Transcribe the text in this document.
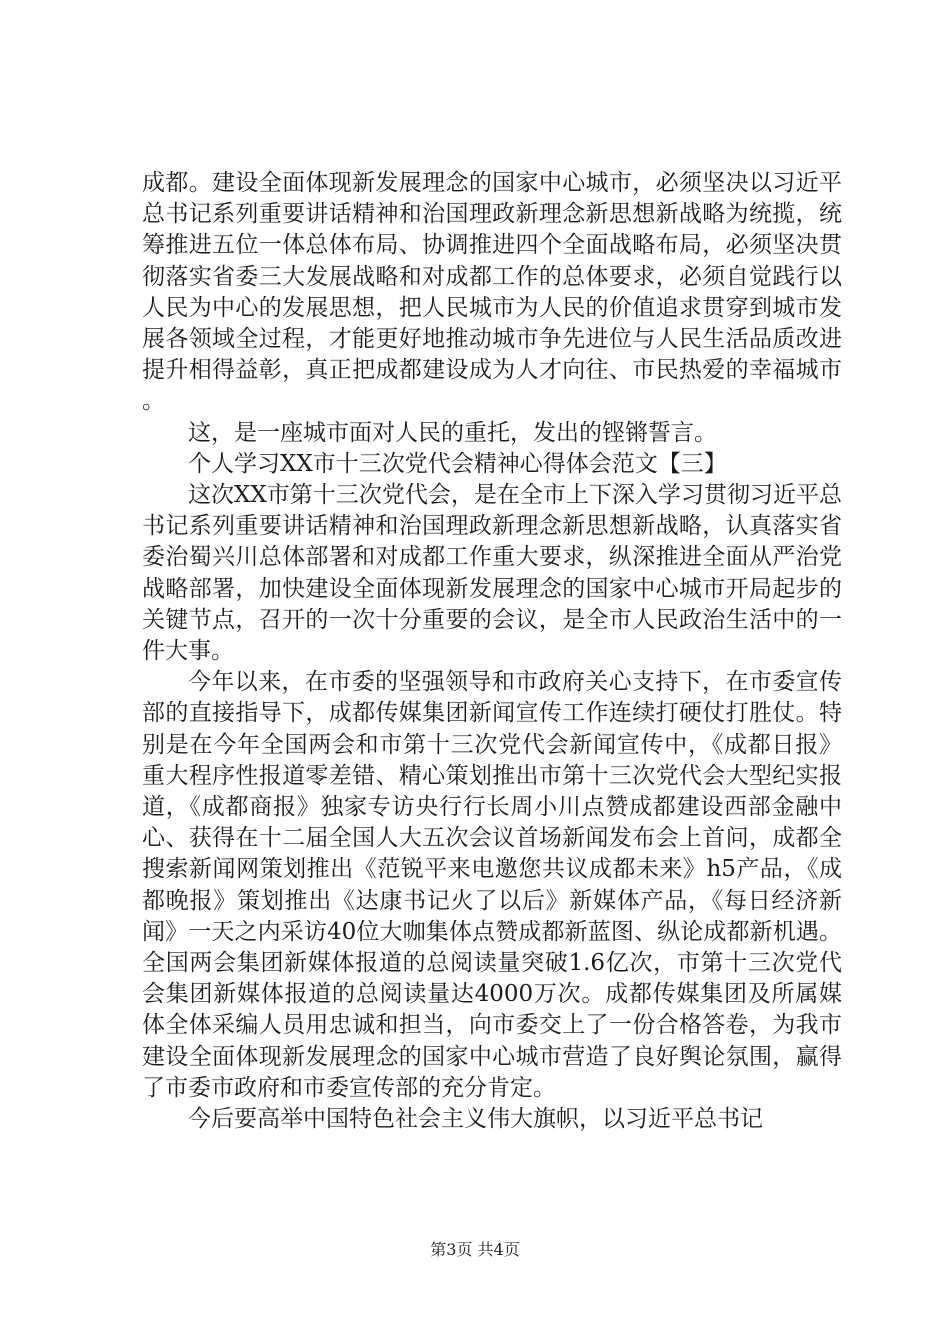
成都。建设全面体现新发展理念的国家中心城市，必须坚决以习近平总书记系列重要讲话精神和治国理政新理念新思想新战略为统揽，统筹推进五位一体总体布局、协调推进四个全面战略布局，必须坚决贯彻落实省委三大发展战略和对成都工作的总体要求，必须自觉践行以人民为中心的发展思想，把人民城市为人民的价值追求贯穿到城市发展各领域全过程，才能更好地推动城市争先进位与人民生活品质改进提升相得益彰，真正把成都建设成为人才向往、市民热爱的幸福城市。

这，是一座城市面对人民的重托，发出的铿锵誓言。

个人学习XX市十三次党代会精神心得体会范文【三】

这次XX市第十三次党代会，是在全市上下深入学习贯彻习近平总书记系列重要讲话精神和治国理政新理念新思想新战略，认真落实省委治蜀兴川总体部署和对成都工作重大要求，纵深推进全面从严治党战略部署，加快建设全面体现新发展理念的国家中心城市开局起步的关键节点，召开的一次十分重要的会议，是全市人民政治生活中的一件大事。

今年以来，在市委的坚强领导和市政府关心支持下，在市委宣传部的直接指导下，成都传媒集团新闻宣传工作连续打硬仗打胜仗。特别是在今年全国两会和市第十三次党代会新闻宣传中，《成都日报》重大程序性报道零差错、精心策划推出市第十三次党代会大型纪实报道，《成都商报》独家专访央行行长周小川点赞成都建设西部金融中心、获得在十二届全国人大五次会议首场新闻发布会上首问，成都全搜索新闻网策划推出《范锐平来电邀您共议成都未来》h5产品，《成都晚报》策划推出《达康书记火了以后》新媒体产品，《每日经济新闻》一天之内采访40位大咖集体点赞成都新蓝图、纵论成都新机遇。全国两会集团新媒体报道的总阅读量突破1.6亿次，市第十三次党代会集团新媒体报道的总阅读量达4000万次。成都传媒集团及所属媒体全体采编人员用忠诚和担当，向市委交上了一份合格答卷，为我市建设全面体现新发展理念的国家中心城市营造了良好舆论氛围，赢得了市委市政府和市委宣传部的充分肯定。

今后要高举中国特色社会主义伟大旗帜，以习近平总书记

第3页 共4页
